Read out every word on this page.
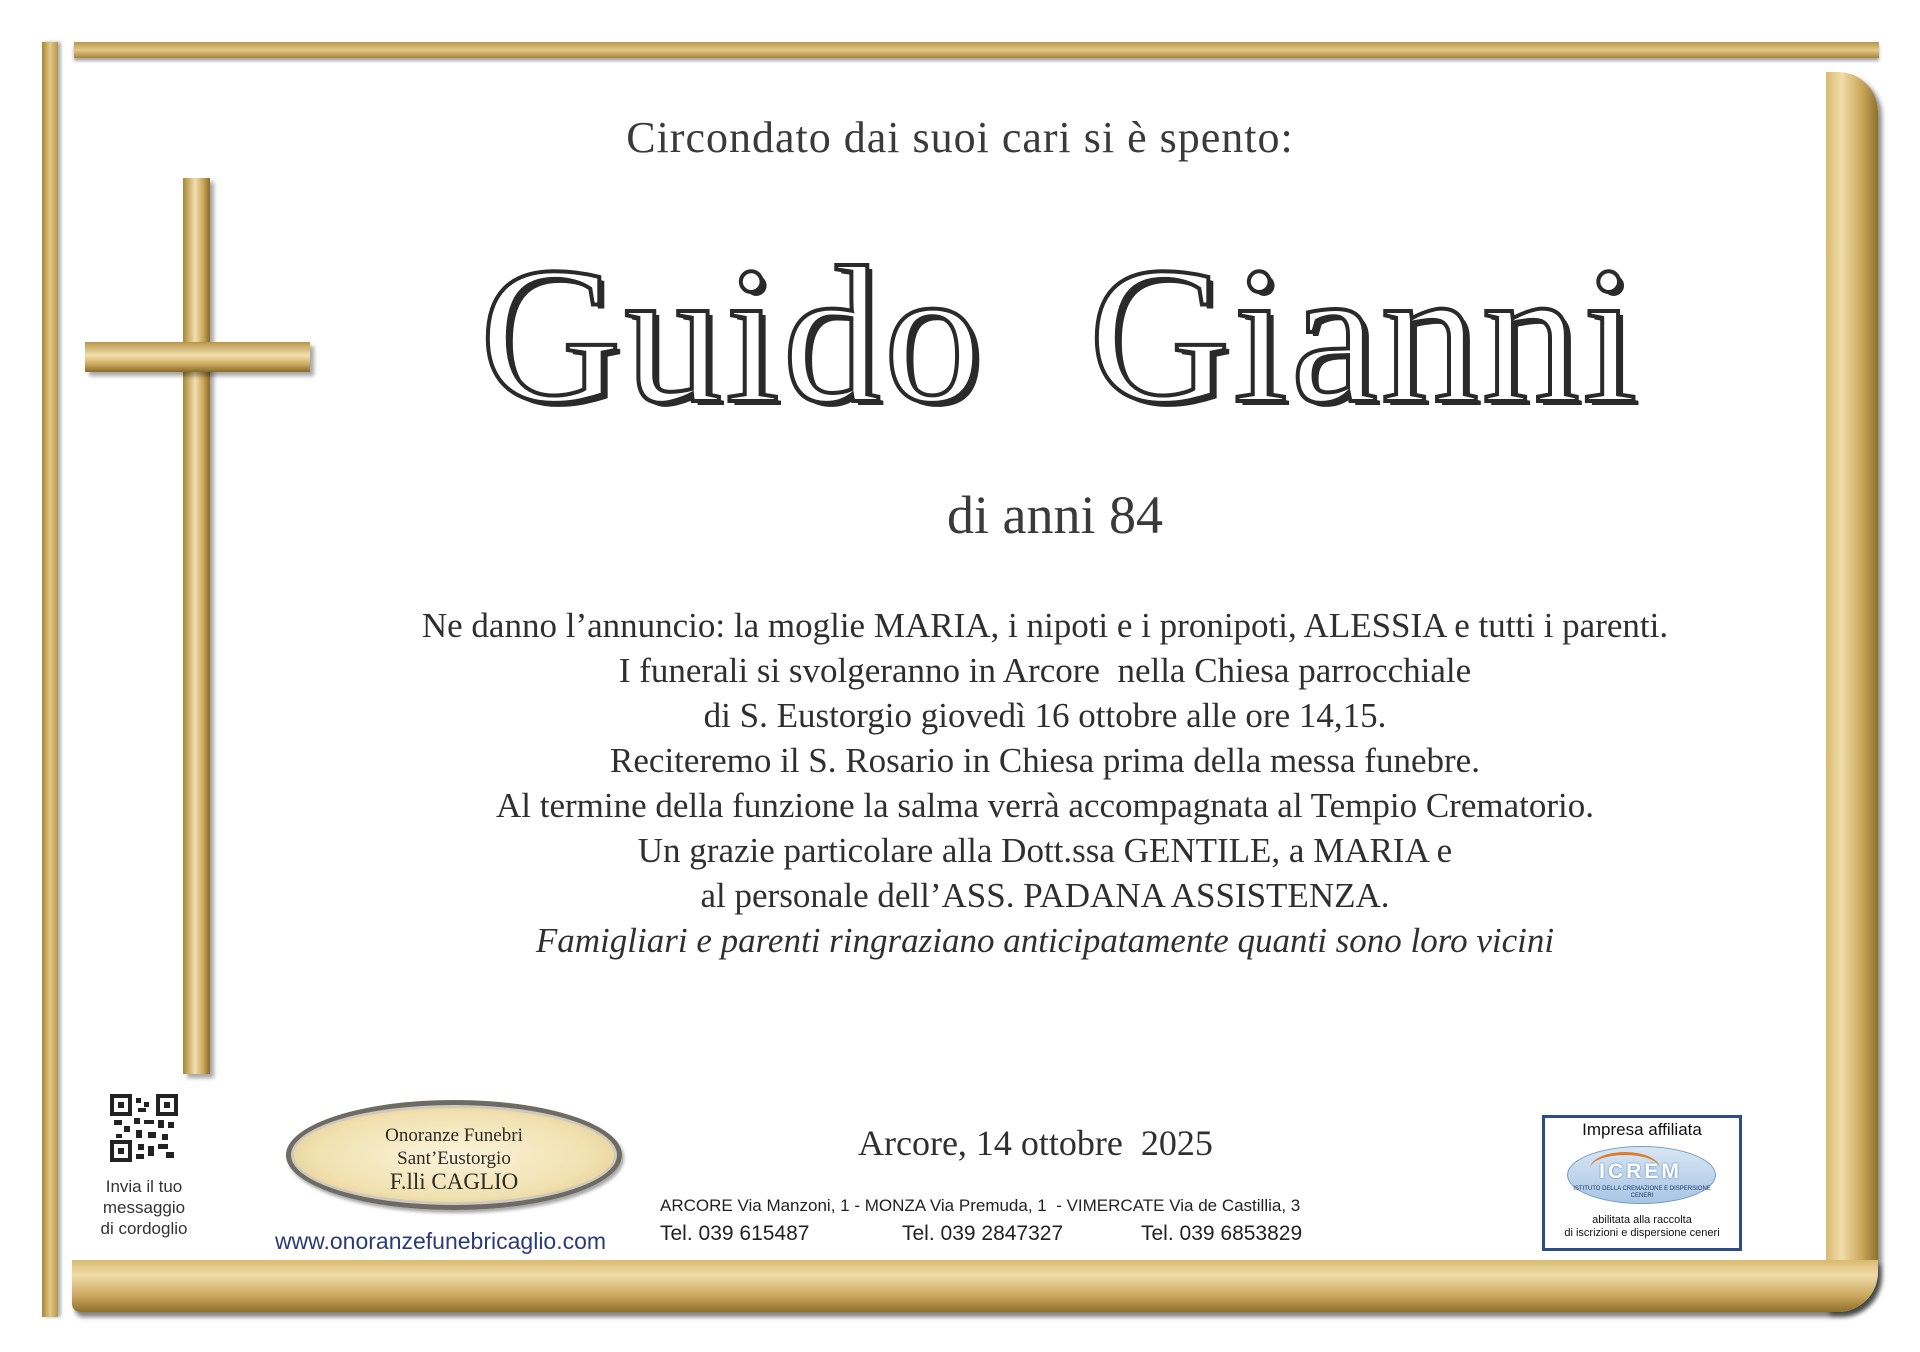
Circondato dai suoi cari si è spento:
Guido  Gianni
di anni 84
Ne danno l’annuncio: la moglie MARIA, i nipoti e i pronipoti, ALESSIA e tutti i parenti.
I funerali si svolgeranno in Arcore  nella Chiesa parrocchiale
di S. Eustorgio giovedì 16 ottobre alle ore 14,15.
Reciteremo il S. Rosario in Chiesa prima della messa funebre.
Al termine della funzione la salma verrà accompagnata al Tempio Crematorio.
Un grazie particolare alla Dott.ssa GENTILE, a MARIA e
al personale dell’ASS. PADANA ASSISTENZA.
Famigliari e parenti ringraziano anticipatamente quanti sono loro vicini
Invia il tuo
messaggio
di cordoglio
Onoranze Funebri
Sant’Eustorgio
F.lli CAGLIO
www.onoranzefunebricaglio.com
Arcore, 14 ottobre  2025
ARCORE Via Manzoni, 1 - MONZA Via Premuda, 1  - VIMERCATE Via de Castillia, 3
Tel. 039 615487	Tel. 039 2847327	Tel. 039 6853829
Impresa affiliata
ICREM
ISTITUTO DELLA CREMAZIONE E DISPERSIONE CENERI
abilitata alla raccolta
di iscrizioni e dispersione ceneri
